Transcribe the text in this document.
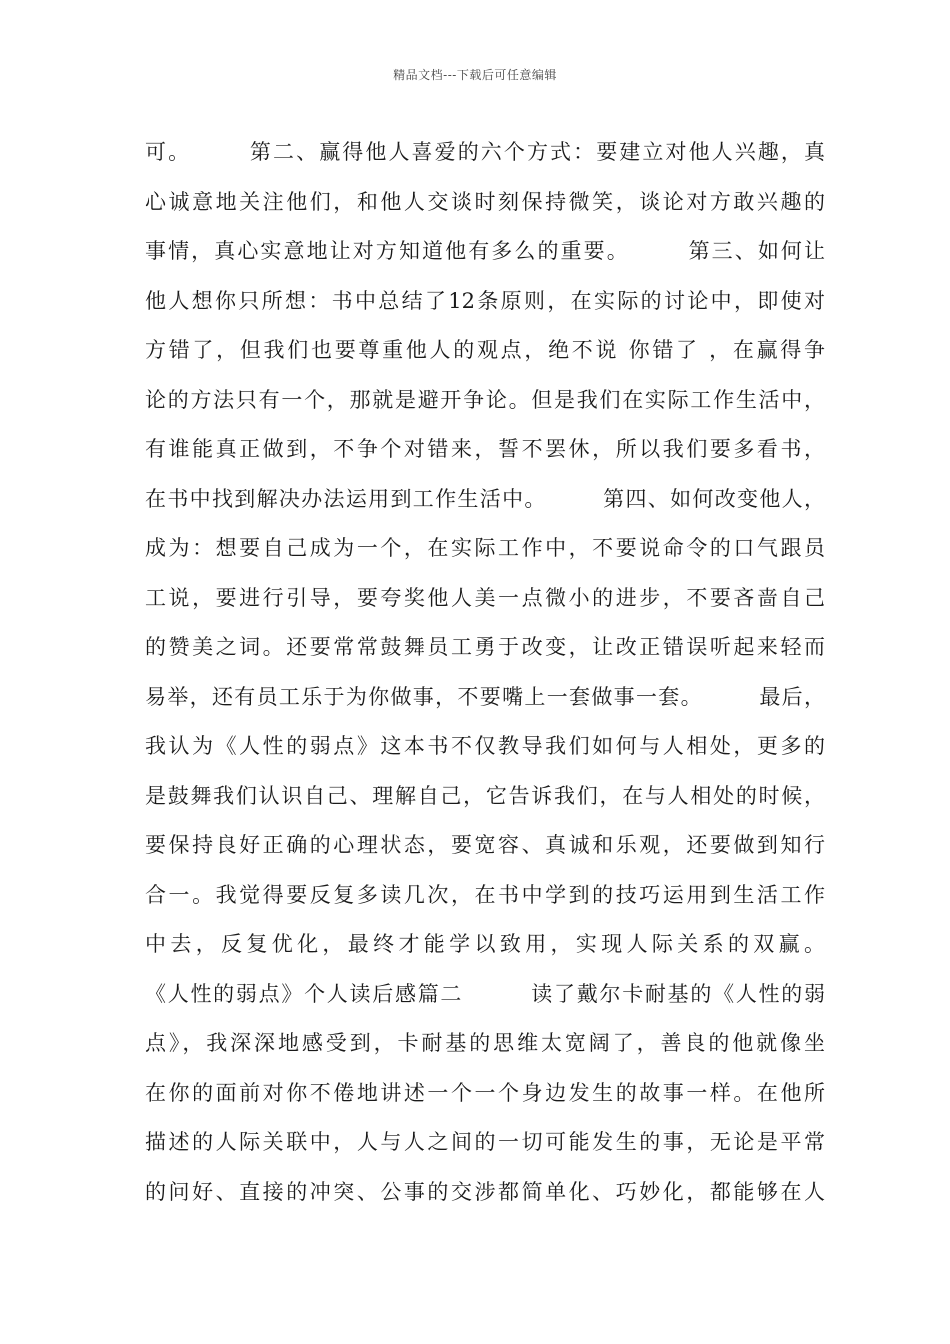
精品文档---下载后可任意编辑
可。　　　第二、赢得他人喜爱的六个方式：要建立对他人兴趣，真
心诚意地关注他们，和他人交谈时刻保持微笑，谈论对方敢兴趣的
事情，真心实意地让对方知道他有多么的重要。　　　第三、如何让
他人想你只所想：书中总结了12条原则，在实际的讨论中，即使对
方错了，但我们也要尊重他人的观点，绝不说 你错了 ，在赢得争
论的方法只有一个，那就是避开争论。但是我们在实际工作生活中，
有谁能真正做到，不争个对错来，誓不罢休，所以我们要多看书，
在书中找到解决办法运用到工作生活中。　　　第四、如何改变他人，
成为：想要自己成为一个，在实际工作中，不要说命令的口气跟员
工说，要进行引导，要夸奖他人美一点微小的进步，不要吝啬自己
的赞美之词。还要常常鼓舞员工勇于改变，让改正错误听起来轻而
易举，还有员工乐于为你做事，不要嘴上一套做事一套。　　　最后，
我认为《人性的弱点》这本书不仅教导我们如何与人相处，更多的
是鼓舞我们认识自己、理解自己，它告诉我们，在与人相处的时候，
要保持良好正确的心理状态，要宽容、真诚和乐观，还要做到知行
合一。我觉得要反复多读几次，在书中学到的技巧运用到生活工作
中去，反复优化，最终才能学以致用，实现人际关系的双赢。
《人性的弱点》个人读后感篇二　　　读了戴尔卡耐基的《人性的弱
点》，我深深地感受到，卡耐基的思维太宽阔了，善良的他就像坐
在你的面前对你不倦地讲述一个一个身边发生的故事一样。在他所
描述的人际关联中，人与人之间的一切可能发生的事，无论是平常
的问好、直接的冲突、公事的交涉都简单化、巧妙化，都能够在人
